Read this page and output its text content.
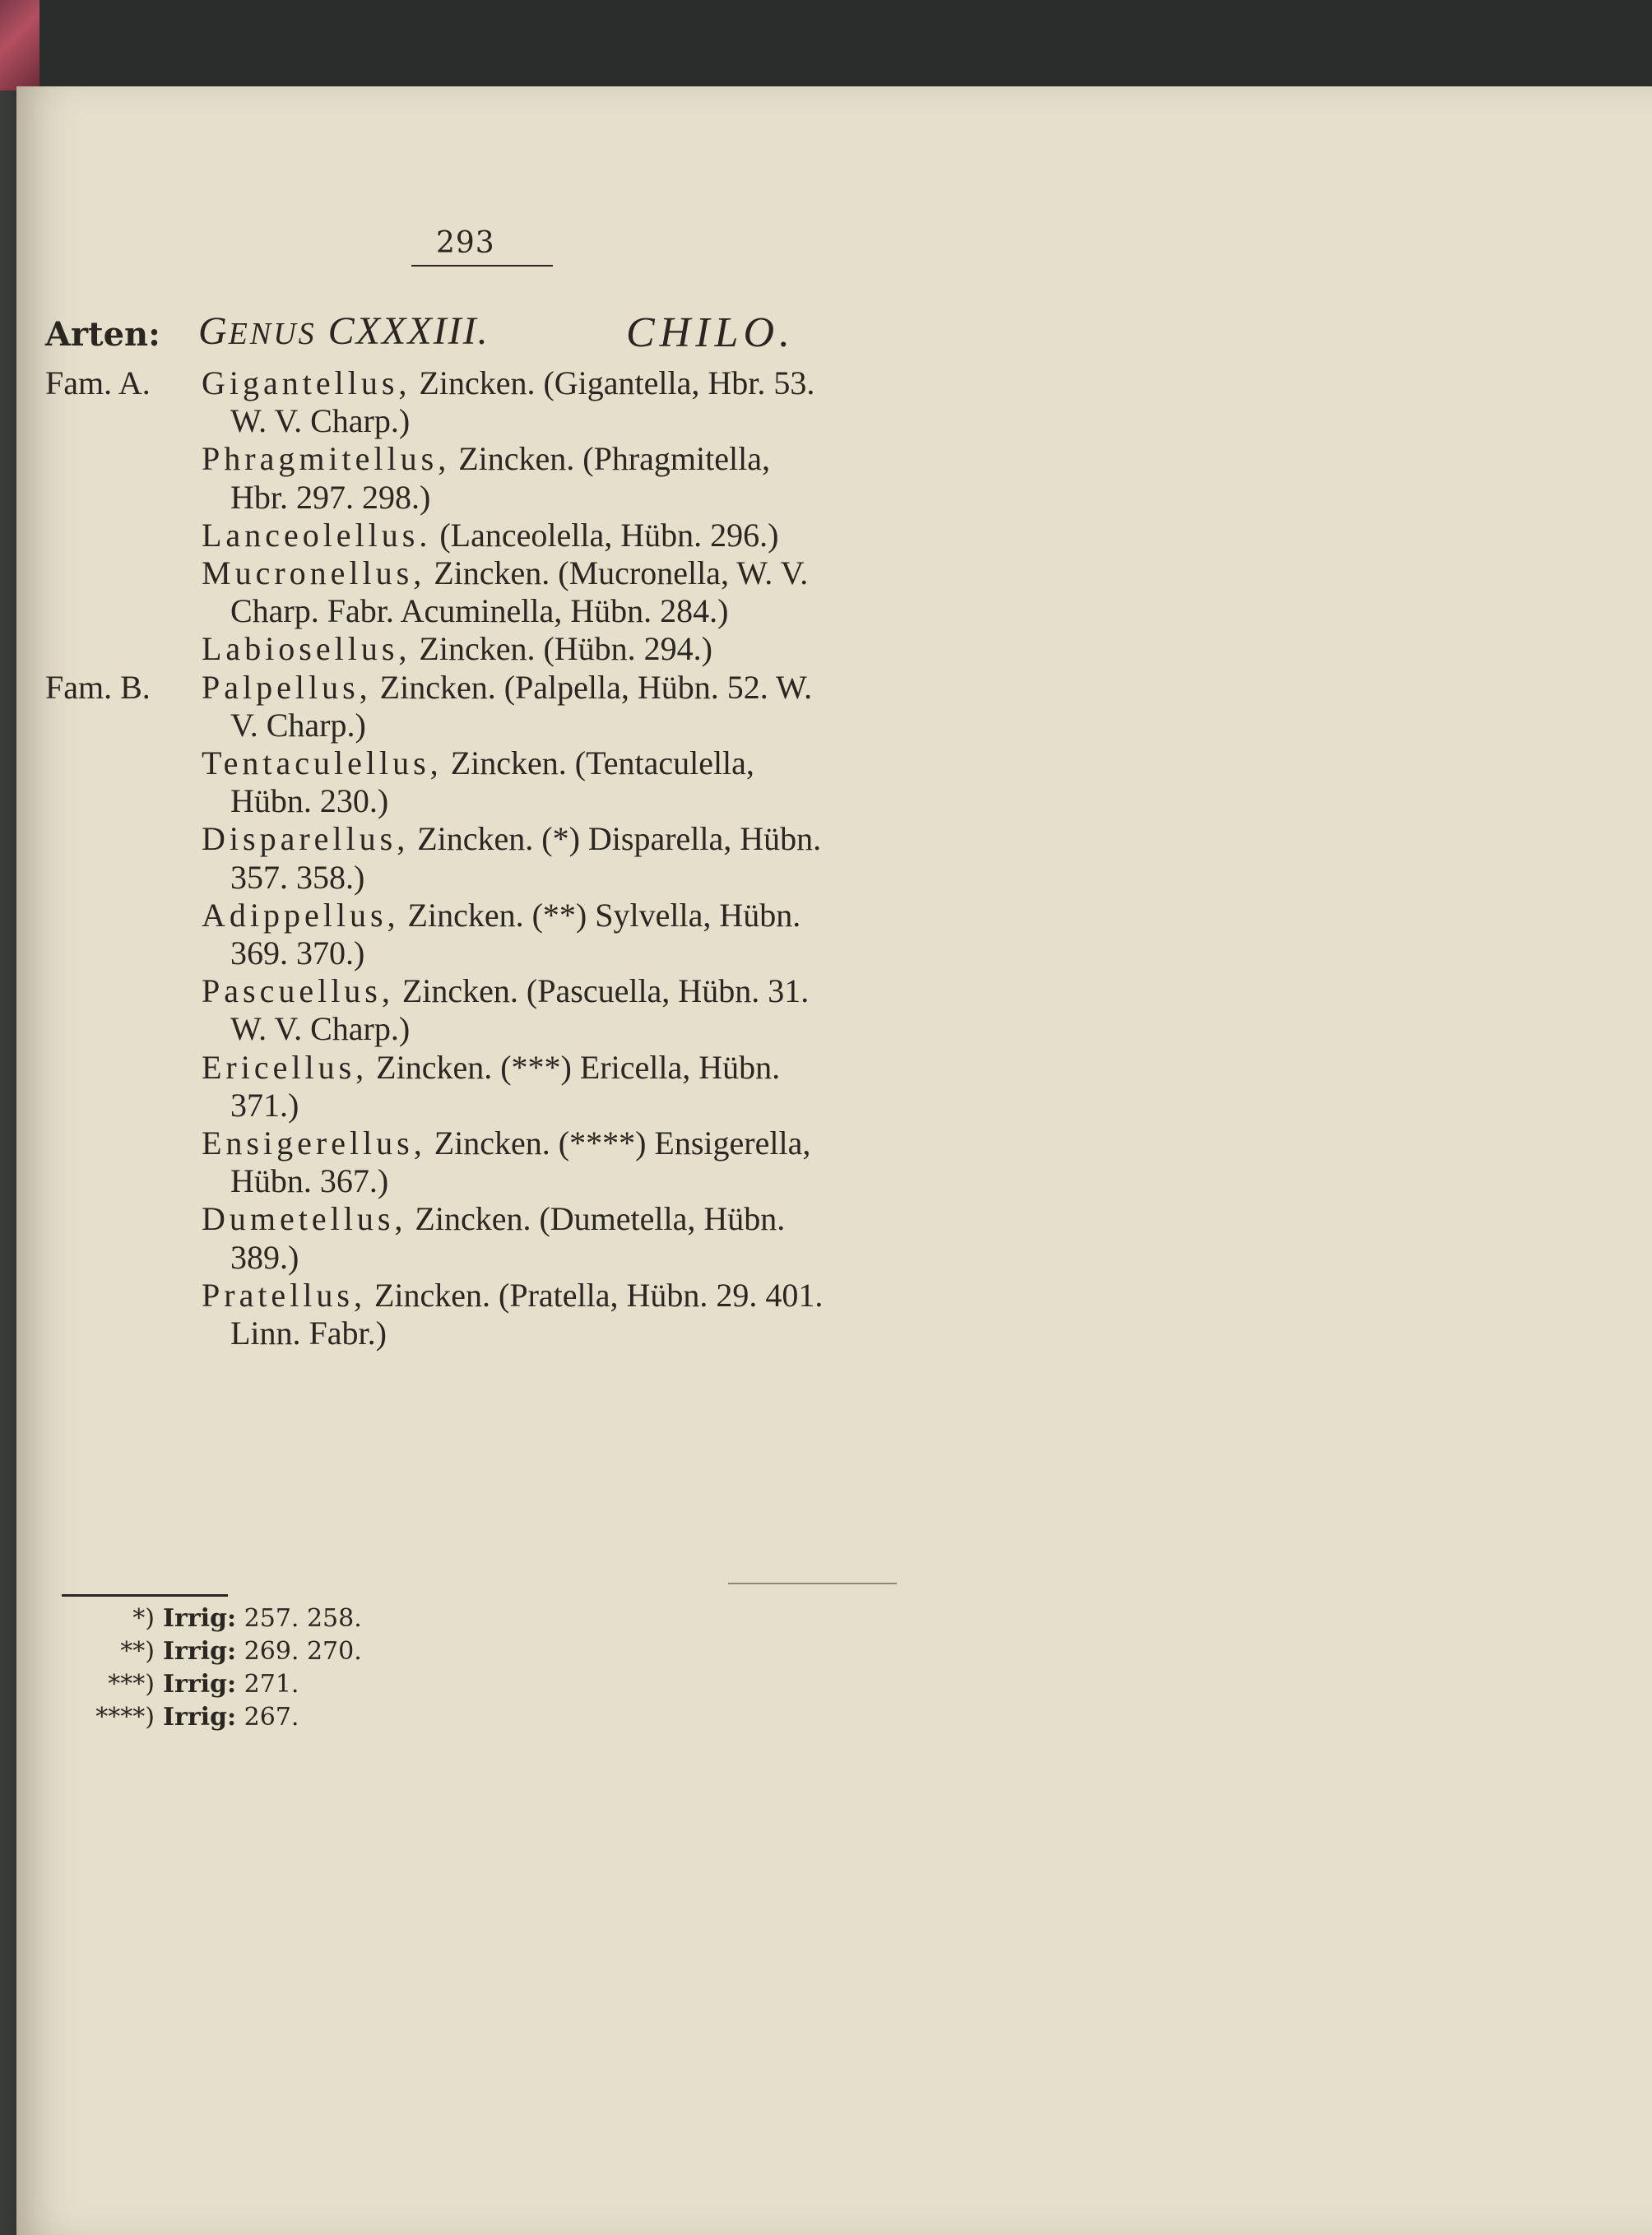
293
Arten: GENUS CXXXIII.	CHILO.
Fam. A. Gigantellus, Zincken. (Gigantella, Hbr. 53.
W. V. Charp.)
Phragmitellus, Zincken. (Phragmitella,
Hbr. 297. 298.)
Lanceolellus. (Lanceolella, Hübn. 296.)
Mucronellus, Zincken. (Mucronella, W. V.
Charp. Fabr. Acuminella, Hübn. 284.)
Labiosellus, Zincken. (Hübn. 294.)
Fam. B. Palpellus, Zincken. (Palpella, Hübn. 52. W.
V. Charp.)
Tentaculellus, Zincken. (Tentaculella,
Hübn. 230.)
Disparellus, Zincken. (*) Disparella, Hübn.
357. 358.)
Adippellus, Zincken. (**) Sylvella, Hübn.
369. 370.)
Pascuellus, Zincken. (Pascuella, Hübn. 31.
W. V. Charp.)
Ericellus, Zincken. (***) Ericella, Hübn.
371.)
Ensigerellus, Zincken. (****) Ensigerella,
Hübn. 367.)
Dumetellus, Zincken. (Dumetella, Hübn.
389.)
Pratellus, Zincken. (Pratella, Hübn. 29. 401.
Linn. Fabr.)
*) Irrig: 257. 258.
**) Irrig: 269. 270.
***) Irrig: 271.
****) Irrig: 267.
